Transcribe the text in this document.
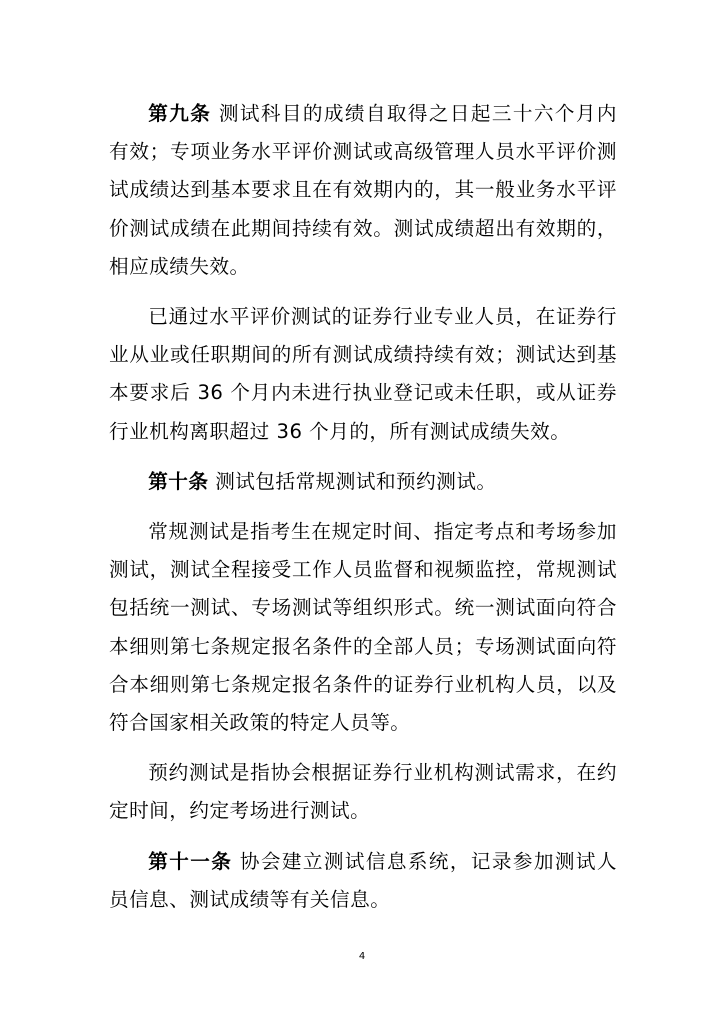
第九条 测试科目的成绩自取得之日起三十六个月内有效；专项业务水平评价测试或高级管理人员水平评价测试成绩达到基本要求且在有效期内的，其一般业务水平评价测试成绩在此期间持续有效。测试成绩超出有效期的，相应成绩失效。

已通过水平评价测试的证券行业专业人员，在证券行业从业或任职期间的所有测试成绩持续有效；测试达到基本要求后 36 个月内未进行执业登记或未任职，或从证券行业机构离职超过 36 个月的，所有测试成绩失效。

第十条 测试包括常规测试和预约测试。

常规测试是指考生在规定时间、指定考点和考场参加测试，测试全程接受工作人员监督和视频监控，常规测试包括统一测试、专场测试等组织形式。统一测试面向符合本细则第七条规定报名条件的全部人员；专场测试面向符合本细则第七条规定报名条件的证券行业机构人员，以及符合国家相关政策的特定人员等。

预约测试是指协会根据证券行业机构测试需求，在约定时间，约定考场进行测试。

第十一条 协会建立测试信息系统，记录参加测试人员信息、测试成绩等有关信息。

4
